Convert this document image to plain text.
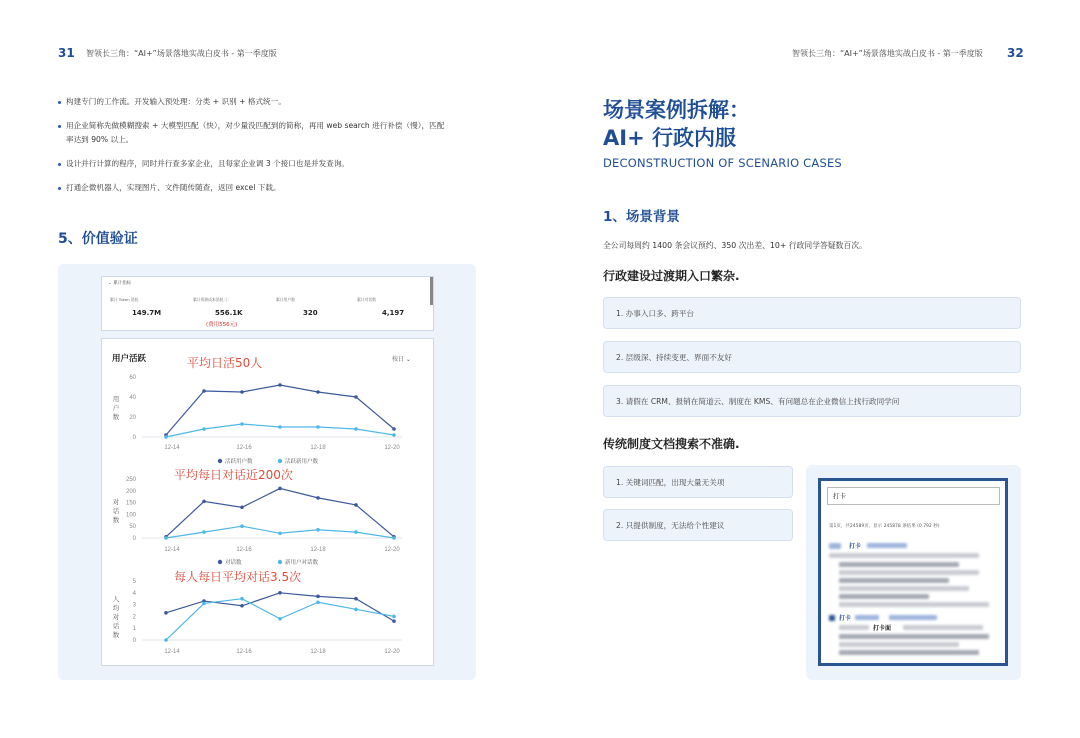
31 智领长三角：“AI+”场景落地实战白皮书 - 第一季度版
构建专门的工作流。开发输入预处理：分类 + 识别 + 格式统一。
用企业简称先做模糊搜索 + 大模型匹配（快），对少量没匹配到的简称，再用 web search 进行补偿（慢），匹配
率达到 90% 以上。
设计并行计算的程序，同时并行查多家企业，且每家企业调 3 个接口也是并发查询。
打通企微机器人，实现图片、文件随传随查，返回 excel 下载。
5、价值验证
⌄ 累计指标
累计 Token 消耗
149.7M
累计资源成本消耗 ⓘ
556.1K
(费用556元)
累计用户数
320
累计对话数
4,197
用户活跃	按日 ⌄
平均日活50人
用
户
数
0
20
40
60
12-14	12-16	12-18	12-20
活跃用户数	活跃新用户数
平均每日对话近200次
对
话
数
0
50
100
150
200
250
12-14	12-16	12-18	12-20
对话数	新用户对话数
每人每日平均对话3.5次
人
均
对
话
数
0
1
2
3
4
5
12-14	12-16	12-18	12-20
智领长三角：“AI+”场景落地实战白皮书 - 第一季度版 32
场景案例拆解：
AI+ 行政内服
DECONSTRUCTION OF SCENARIO CASES
1、场景背景
全公司每周约 1400 条会议预约、350 次出差、10+ 行政同学答疑数百次。
行政建设过渡期入口繁杂.
1. 办事入口多、跨平台
2. 层级深、持续变更、界面不友好
3. 请假在 CRM、报销在简道云、制度在 KMS、有问题总在企业微信上找行政同学问
传统制度文档搜索不准确.
1. 关键词匹配，出现大量无关项
2. 只提供制度，无法给个性建议
打卡
第1页，共24589页，显示 245878 条结果 (0.792 秒)
打卡
打卡
打卡面
